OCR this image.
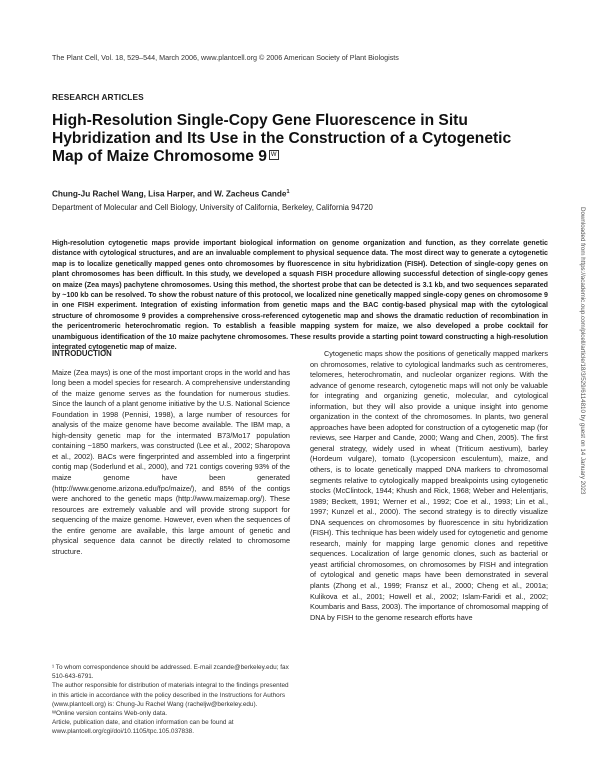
The Plant Cell, Vol. 18, 529–544, March 2006, www.plantcell.org © 2006 American Society of Plant Biologists
RESEARCH ARTICLES
High-Resolution Single-Copy Gene Fluorescence in Situ Hybridization and Its Use in the Construction of a Cytogenetic Map of Maize Chromosome 9 W
Chung-Ju Rachel Wang, Lisa Harper, and W. Zacheus Cande$^1$
Department of Molecular and Cell Biology, University of California, Berkeley, California 94720
High-resolution cytogenetic maps provide important biological information on genome organization and function, as they correlate genetic distance with cytological structures, and are an invaluable complement to physical sequence data. The most direct way to generate a cytogenetic map is to localize genetically mapped genes onto chromosomes by fluorescence in situ hybridization (FISH). Detection of single-copy genes on plant chromosomes has been difficult. In this study, we developed a squash FISH procedure allowing successful detection of single-copy genes on maize (Zea mays) pachytene chromosomes. Using this method, the shortest probe that can be detected is 3.1 kb, and two sequences separated by ~100 kb can be resolved. To show the robust nature of this protocol, we localized nine genetically mapped single-copy genes on chromosome 9 in one FISH experiment. Integration of existing information from genetic maps and the BAC contig-based physical map with the cytological structure of chromosome 9 provides a comprehensive cross-referenced cytogenetic map and shows the dramatic reduction of recombination in the pericentromeric heterochromatic region. To establish a feasible mapping system for maize, we also developed a probe cocktail for unambiguous identification of the 10 maize pachytene chromosomes. These results provide a starting point toward constructing a high-resolution integrated cytogenetic map of maize.
INTRODUCTION

Maize (Zea mays) is one of the most important crops in the world and has long been a model species for research. A comprehensive understanding of the maize genome serves as the foundation for numerous studies. Since the launch of a plant genome initiative by the U.S. National Science Foundation in 1998 (Pennisi, 1998), a large number of resources for analysis of the maize genome have become available. The IBM map, a high-density genetic map for the intermated B73/Mo17 population containing ~1850 markers, was constructed (Lee et al., 2002; Sharopova et al., 2002). BACs were fingerprinted and assembled into a fingerprint contig map (Soderlund et al., 2000), and 721 contigs covering 93% of the maize genome have been generated (http://www.genome.arizona.edu/fpc/maize/), and 85% of the contigs were anchored to the genetic maps (http://www.maizemap.org/). These resources are extremely valuable and will provide strong support for sequencing of the maize genome. However, even when the sequences of the entire genome are available, this large amount of genetic and physical sequence data cannot be directly related to chromosome structure.

Cytogenetic maps show the positions of genetically mapped markers on chromosomes, relative to cytological landmarks such as centromeres, telomeres, heterochromatin, and nucleolar organizer regions. With the advance of genome research, cytogenetic maps will not only be valuable for integrating and organizing genetic, molecular, and cytological information, but they will also provide a unique insight into genome organization in the context of the chromosomes. In plants, two general approaches have been adopted for construction of a cytogenetic map (for reviews, see Harper and Cande, 2000; Wang and Chen, 2005). The first general strategy, widely used in wheat (Triticum aestivum), barley (Hordeum vulgare), tomato (Lycopersicon esculentum), maize, and others, is to locate genetically mapped DNA markers to chromosomal segments relative to cytologically mapped breakpoints using cytogenetic stocks (McClintock, 1944; Khush and Rick, 1968; Weber and Helentjaris, 1989; Beckett, 1991; Werner et al., 1992; Coe et al., 1993; Lin et al., 1997; Kunzel et al., 2000). The second strategy is to directly visualize DNA sequences on chromosomes by fluorescence in situ hybridization (FISH). This technique has been widely used for cytogenetic and genome research, mainly for mapping large genomic clones and repetitive sequences. Localization of large genomic clones, such as bacterial or yeast artificial chromosomes, on chromosomes by FISH and integration of cytological and genetic maps have been demonstrated in several plants (Zhong et al., 1999; Fransz et al., 2000; Cheng et al., 2001a; Kulikova et al., 2001; Howell et al., 2002; Islam-Faridi et al., 2002; Koumbaris and Bass, 2003). The importance of chromosomal mapping of DNA by FISH to the genome research efforts have

¹ To whom correspondence should be addressed. E-mail zcande@berkeley.edu; fax 510-643-6791.
The author responsible for distribution of materials integral to the findings presented in this article in accordance with the policy described in the Instructions for Authors (www.plantcell.org) is: Chung-Ju Rachel Wang (racheljw@berkeley.edu).
ᵂOnline version contains Web-only data.
Article, publication date, and citation information can be found at www.plantcell.org/cgi/doi/10.1105/tpc.105.037838.
Downloaded from https://academic.oup.com/plcell/article/18/3/529/6114810 by guest on 14 January 2023
